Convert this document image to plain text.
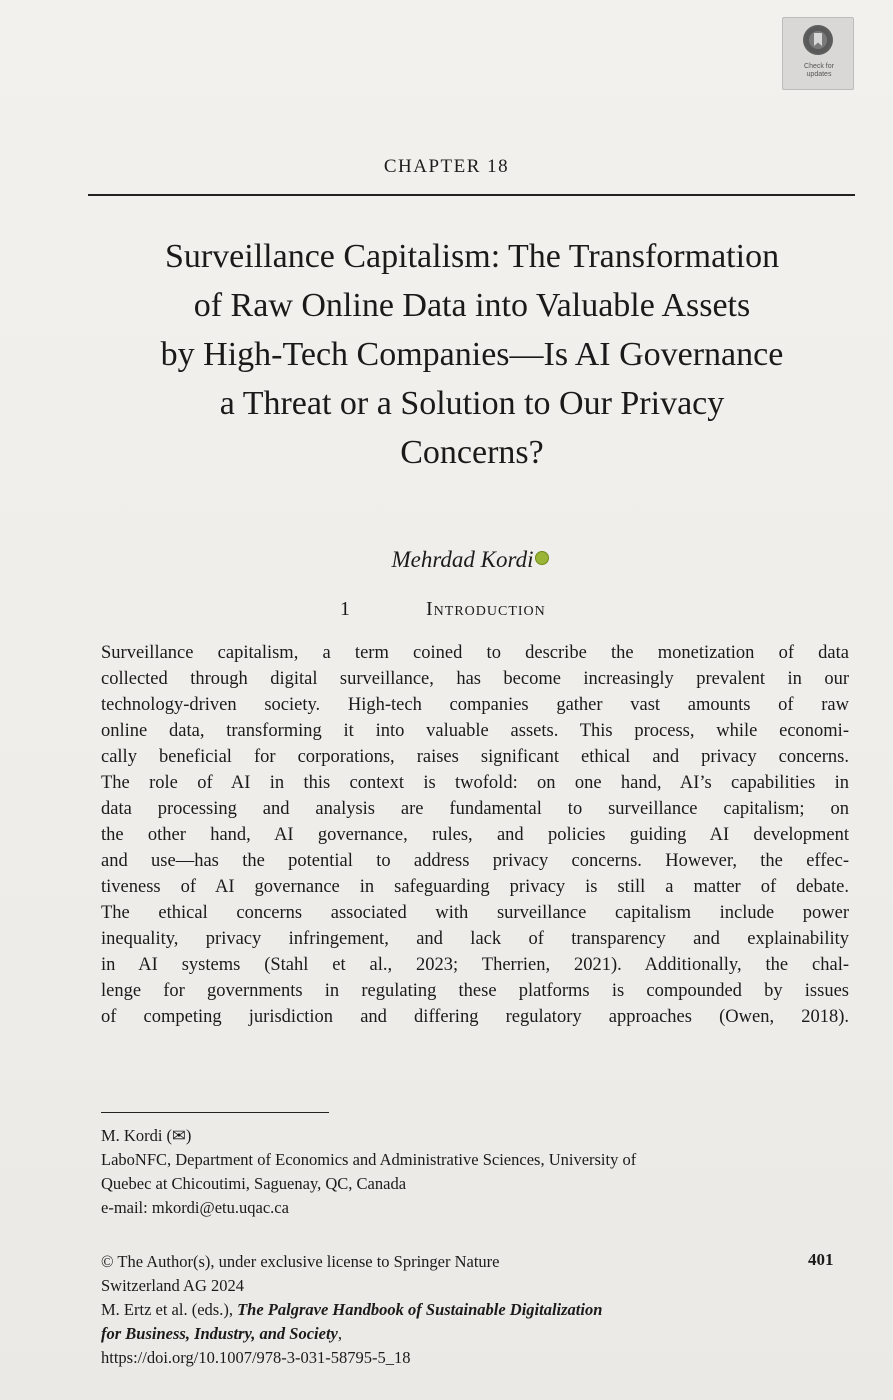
Check for
updates
CHAPTER 18
Surveillance Capitalism: The Transformation
of Raw Online Data into Valuable Assets
by High-Tech Companies—Is AI Governance
a Threat or a Solution to Our Privacy
Concerns?
Mehrdad Kordi
1	Introduction
Surveillance capitalism, a term coined to describe the monetization of data
collected through digital surveillance, has become increasingly prevalent in our
technology-driven society. High-tech companies gather vast amounts of raw
online data, transforming it into valuable assets. This process, while economi-
cally beneficial for corporations, raises significant ethical and privacy concerns.
The role of AI in this context is twofold: on one hand, AI’s capabilities in
data processing and analysis are fundamental to surveillance capitalism; on
the other hand, AI governance, rules, and policies guiding AI development
and use—has the potential to address privacy concerns. However, the effec-
tiveness of AI governance in safeguarding privacy is still a matter of debate.
The ethical concerns associated with surveillance capitalism include power
inequality, privacy infringement, and lack of transparency and explainability
in AI systems (Stahl et al., 2023; Therrien, 2021). Additionally, the chal-
lenge for governments in regulating these platforms is compounded by issues
of competing jurisdiction and differing regulatory approaches (Owen, 2018).
M. Kordi (✉)
LaboNFC, Department of Economics and Administrative Sciences, University of
Quebec at Chicoutimi, Saguenay, QC, Canada
e-mail: mkordi@etu.uqac.ca
© The Author(s), under exclusive license to Springer Nature
Switzerland AG 2024
M. Ertz et al. (eds.), The Palgrave Handbook of Sustainable Digitalization
for Business, Industry, and Society,
https://doi.org/10.1007/978-3-031-58795-5_18
401
